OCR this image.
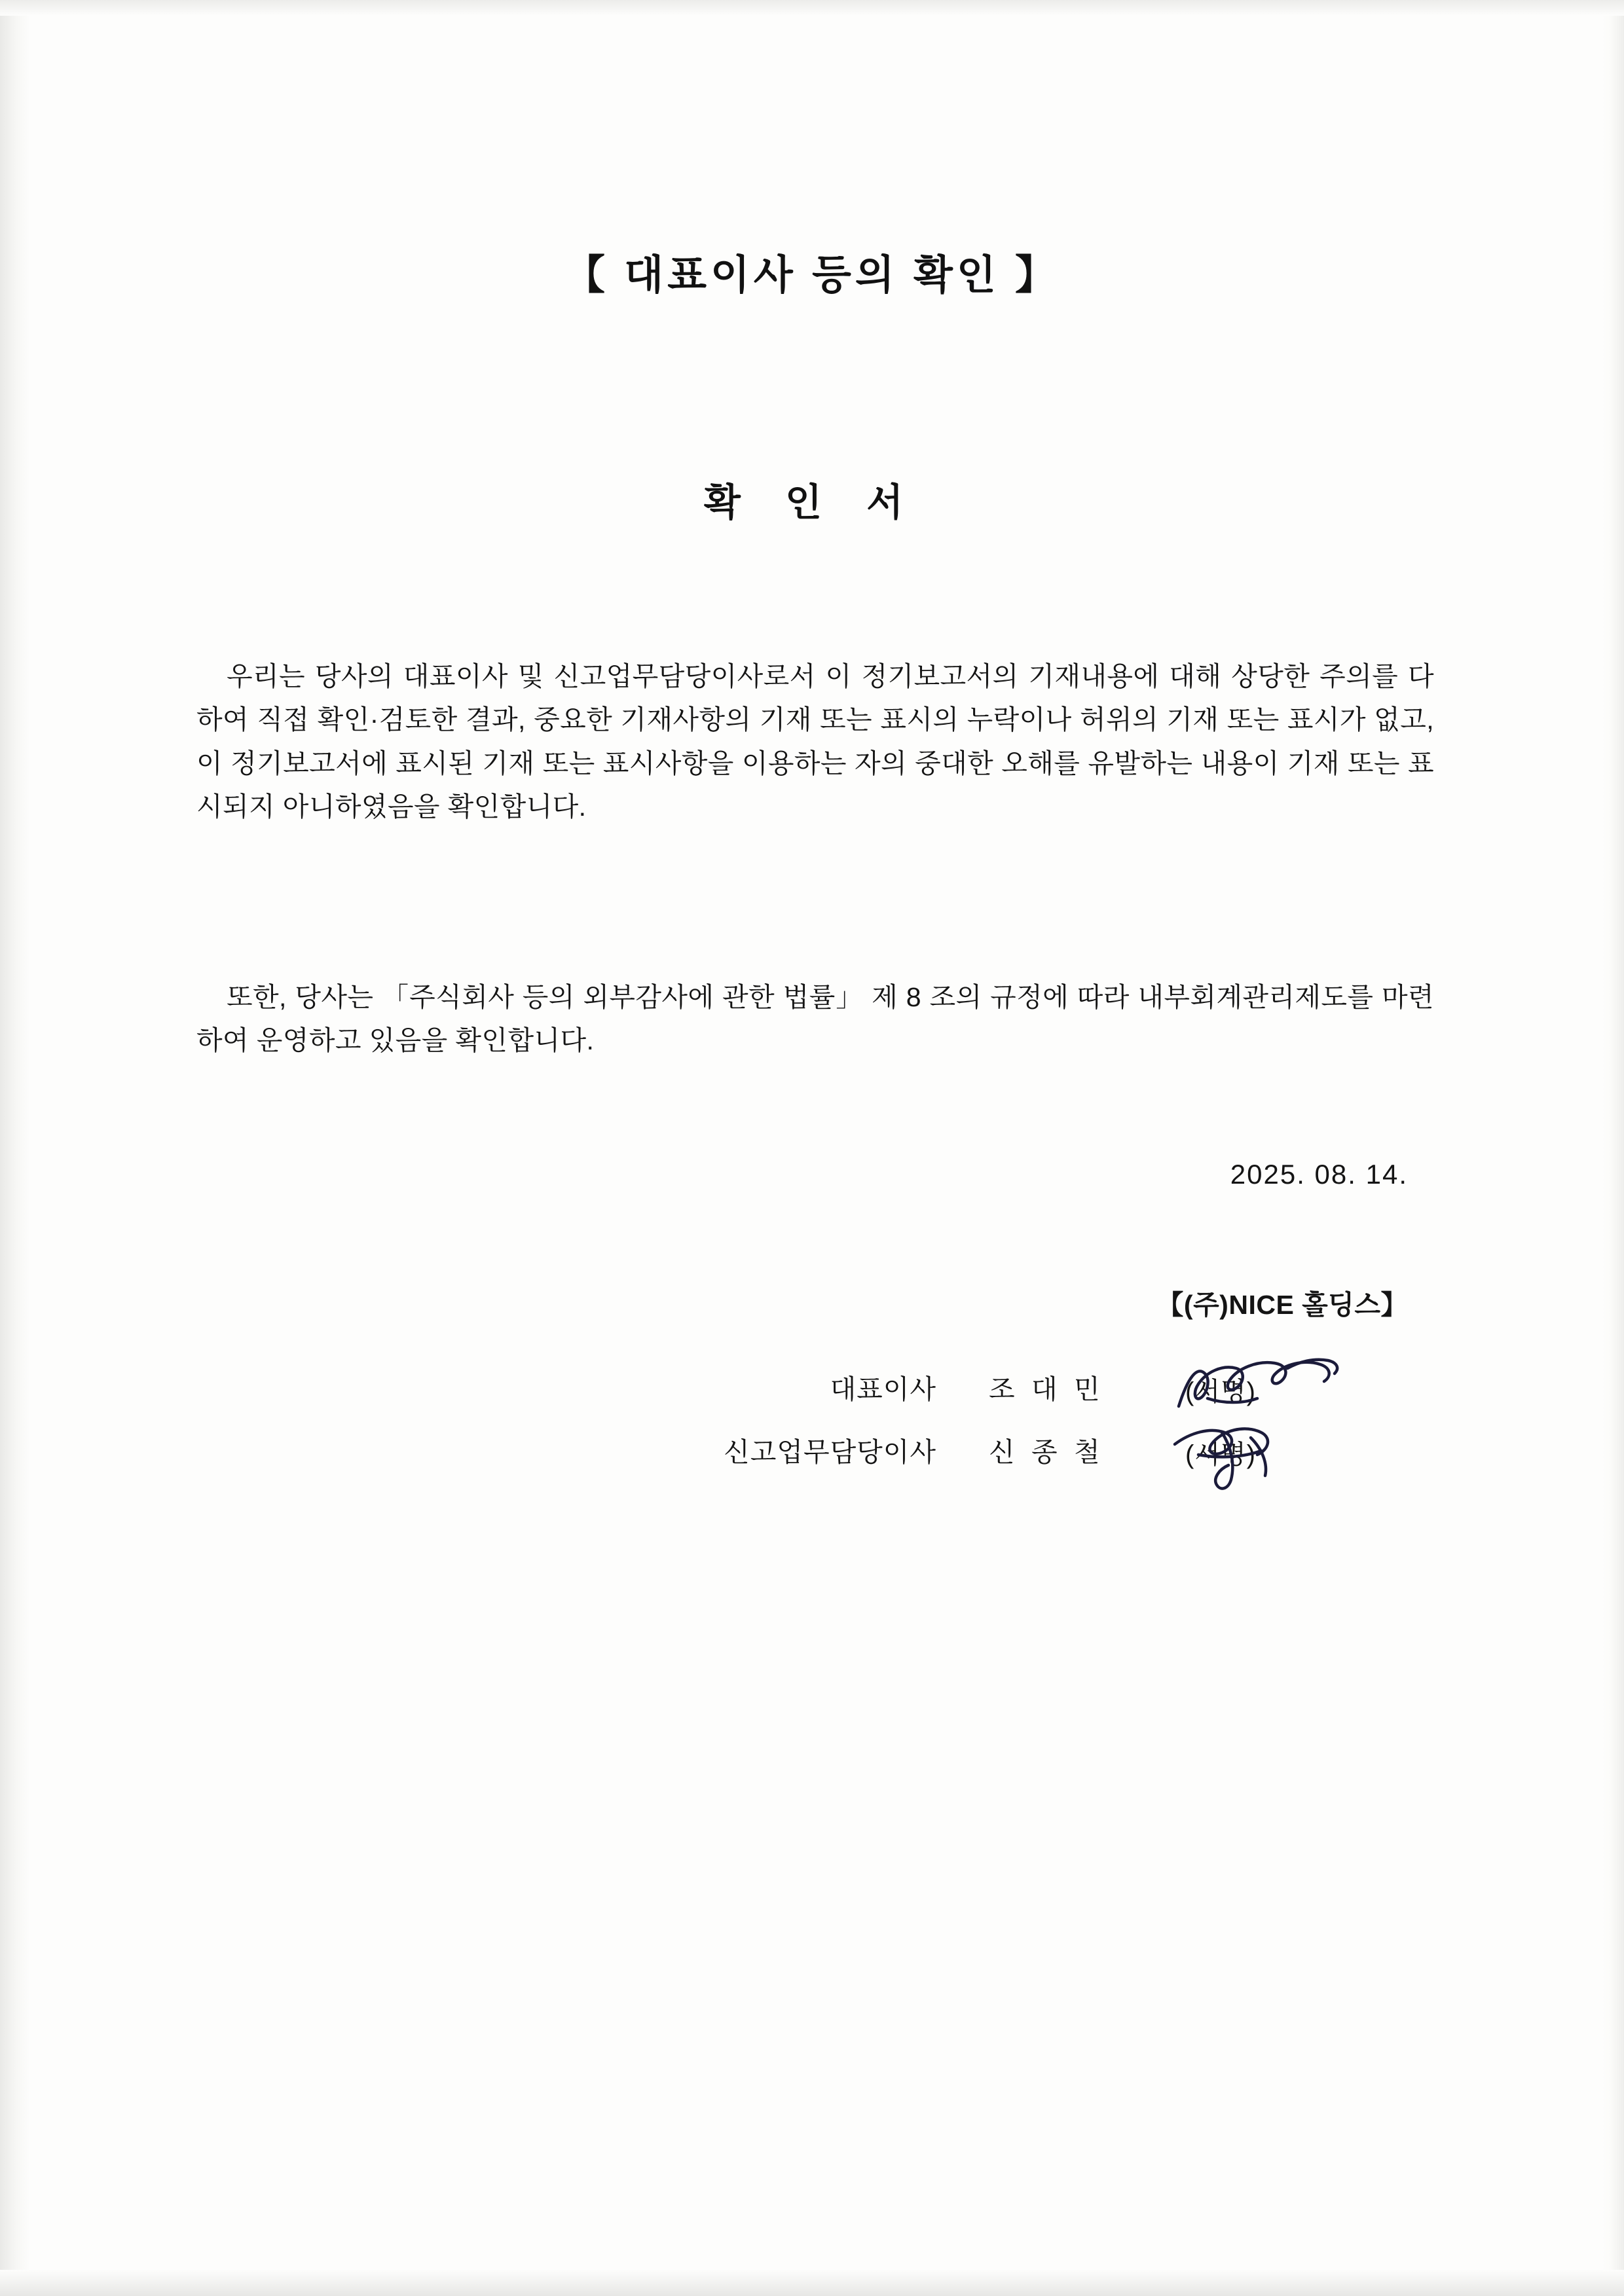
【 대표이사 등의 확인 】
확 인 서
우리는 당사의 대표이사 및 신고업무담당이사로서 이 정기보고서의 기재내용에 대해 상당한 주의를 다하여 직접 확인·검토한 결과, 중요한 기재사항의 기재 또는 표시의 누락이나 허위의 기재 또는 표시가 없고, 이 정기보고서에 표시된 기재 또는 표시사항을 이용하는 자의 중대한 오해를 유발하는 내용이 기재 또는 표시되지 아니하였음을 확인합니다.
또한, 당사는 「주식회사 등의 외부감사에 관한 법률」 제 8 조의 규정에 따라 내부회계관리제도를 마련하여 운영하고 있음을 확인합니다.
2025. 08. 14.
【(주)NICE 홀딩스】
대표이사	조 대 민	(서명)
신고업무담당이사	신 종 철	(서명)
